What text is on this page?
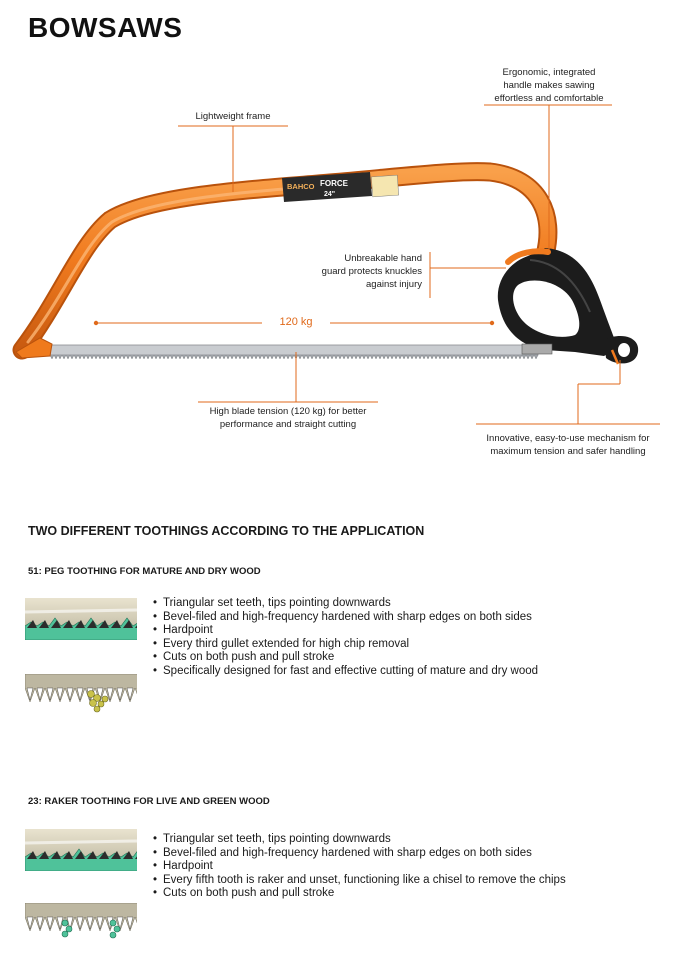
BOWSAWS
BAHCO FORCE
24"
120 kg
Lightweight frame
Ergonomic, integrated
handle makes sawing
effortless and comfortable
Unbreakable hand
guard protects knuckles
against injury
High blade tension (120 kg) for better
performance and straight cutting
Innovative, easy-to-use mechanism for
maximum tension and safer handling
TWO DIFFERENT TOOTHINGS ACCORDING TO THE APPLICATION
51: PEG TOOTHING FOR MATURE AND DRY WOOD
• Triangular set teeth, tips pointing downwards
• Bevel-filed and high-frequency hardened with sharp edges on both sides
• Hardpoint
• Every third gullet extended for high chip removal
• Cuts on both push and pull stroke
• Specifically designed for fast and effective cutting of mature and dry wood
23: RAKER TOOTHING FOR LIVE AND GREEN WOOD
• Triangular set teeth, tips pointing downwards
• Bevel-filed and high-frequency hardened with sharp edges on both sides
• Hardpoint
• Every fifth tooth is raker and unset, functioning like a chisel to remove the chips
• Cuts on both push and pull stroke
